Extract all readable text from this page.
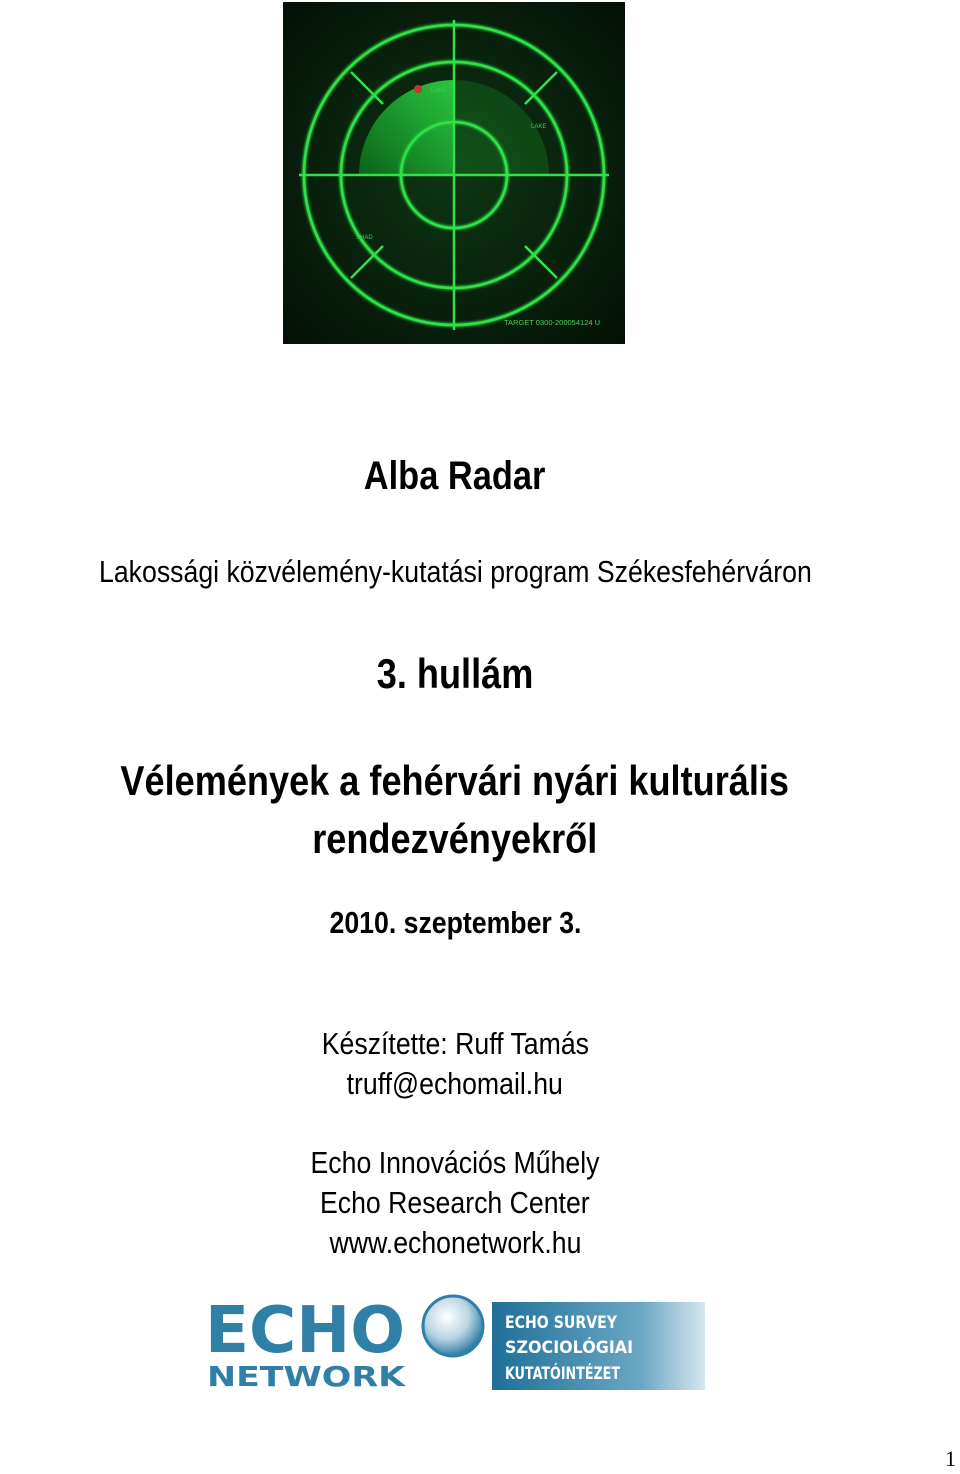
LAKE
LAKE
SHAD
TARGET 0300-200054124 U
Alba Radar
Lakossági közvélemény-kutatási program Székesfehérváron
3. hullám
Vélemények a fehérvári nyári kulturális
rendezvényekről
2010. szeptember 3.
Készítette: Ruff Tamás
truff@echomail.hu
Echo Innovációs Műhely
Echo Research Center
www.echonetwork.hu
ECHO
NETWORK
ECHO SURVEY
SZOCIOLÓGIAI
KUTATÓINTÉZET
1
